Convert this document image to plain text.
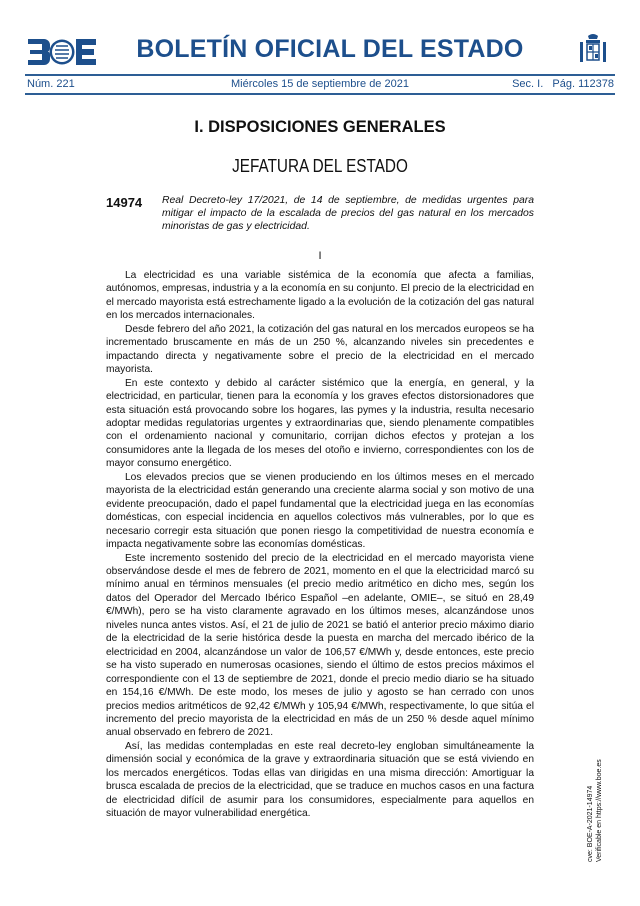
BOLETÍN OFICIAL DEL ESTADO
Núm. 221	Miércoles 15 de septiembre de 2021	Sec. I.   Pág. 112378
I. DISPOSICIONES GENERALES
JEFATURA DEL ESTADO
14974 Real Decreto-ley 17/2021, de 14 de septiembre, de medidas urgentes para mitigar el impacto de la escalada de precios del gas natural en los mercados minoristas de gas y electricidad.
I

La electricidad es una variable sistémica de la economía que afecta a familias, autónomos, empresas, industria y a la economía en su conjunto. El precio de la electricidad en el mercado mayorista está estrechamente ligado a la evolución de la cotización del gas natural en los mercados internacionales.

Desde febrero del año 2021, la cotización del gas natural en los mercados europeos se ha incrementado bruscamente en más de un 250 %, alcanzando niveles sin precedentes e impactando directa y negativamente sobre el precio de la electricidad en el mercado mayorista.

En este contexto y debido al carácter sistémico que la energía, en general, y la electricidad, en particular, tienen para la economía y los graves efectos distorsionadores que esta situación está provocando sobre los hogares, las pymes y la industria, resulta necesario adoptar medidas regulatorias urgentes y extraordinarias que, siendo plenamente compatibles con el ordenamiento nacional y comunitario, corrijan dichos efectos y protejan a los consumidores ante la llegada de los meses del otoño e invierno, correspondientes con los de mayor consumo energético.

Los elevados precios que se vienen produciendo en los últimos meses en el mercado mayorista de la electricidad están generando una creciente alarma social y son motivo de una evidente preocupación, dado el papel fundamental que la electricidad juega en las economías domésticas, con especial incidencia en aquellos colectivos más vulnerables, por lo que es necesario corregir esta situación que ponen riesgo la competitividad de nuestra economía e impacta negativamente sobre las economías domésticas.

Este incremento sostenido del precio de la electricidad en el mercado mayorista viene observándose desde el mes de febrero de 2021, momento en el que la electricidad marcó su mínimo anual en términos mensuales (el precio medio aritmético en dicho mes, según los datos del Operador del Mercado Ibérico Español –en adelante, OMIE–, se situó en 28,49 €/MWh), pero se ha visto claramente agravado en los últimos meses, alcanzándose unos niveles nunca antes vistos. Así, el 21 de julio de 2021 se batió el anterior precio máximo diario de la electricidad de la serie histórica desde la puesta en marcha del mercado ibérico de la electricidad en 2004, alcanzándose un valor de 106,57 €/MWh y, desde entonces, este precio se ha visto superado en numerosas ocasiones, siendo el último de estos precios máximos el correspondiente con el 13 de septiembre de 2021, donde el precio medio diario se ha situado en 154,16 €/MWh. De este modo, los meses de julio y agosto se han cerrado con unos precios medios aritméticos de 92,42 €/MWh y 105,94 €/MWh, respectivamente, lo que sitúa el incremento del precio mayorista de la electricidad en más de un 250 % desde aquel mínimo anual observado en febrero de 2021.

Así, las medidas contempladas en este real decreto-ley engloban simultáneamente la dimensión social y económica de la grave y extraordinaria situación que se está viviendo en los mercados energéticos. Todas ellas van dirigidas en una misma dirección: Amortiguar la brusca escalada de precios de la electricidad, que se traduce en muchos casos en una factura de electricidad difícil de asumir para los consumidores, especialmente para aquellos en situación de mayor vulnerabilidad energética.	cve: BOE-A-2021-14974 Verificable en https://www.boe.es
